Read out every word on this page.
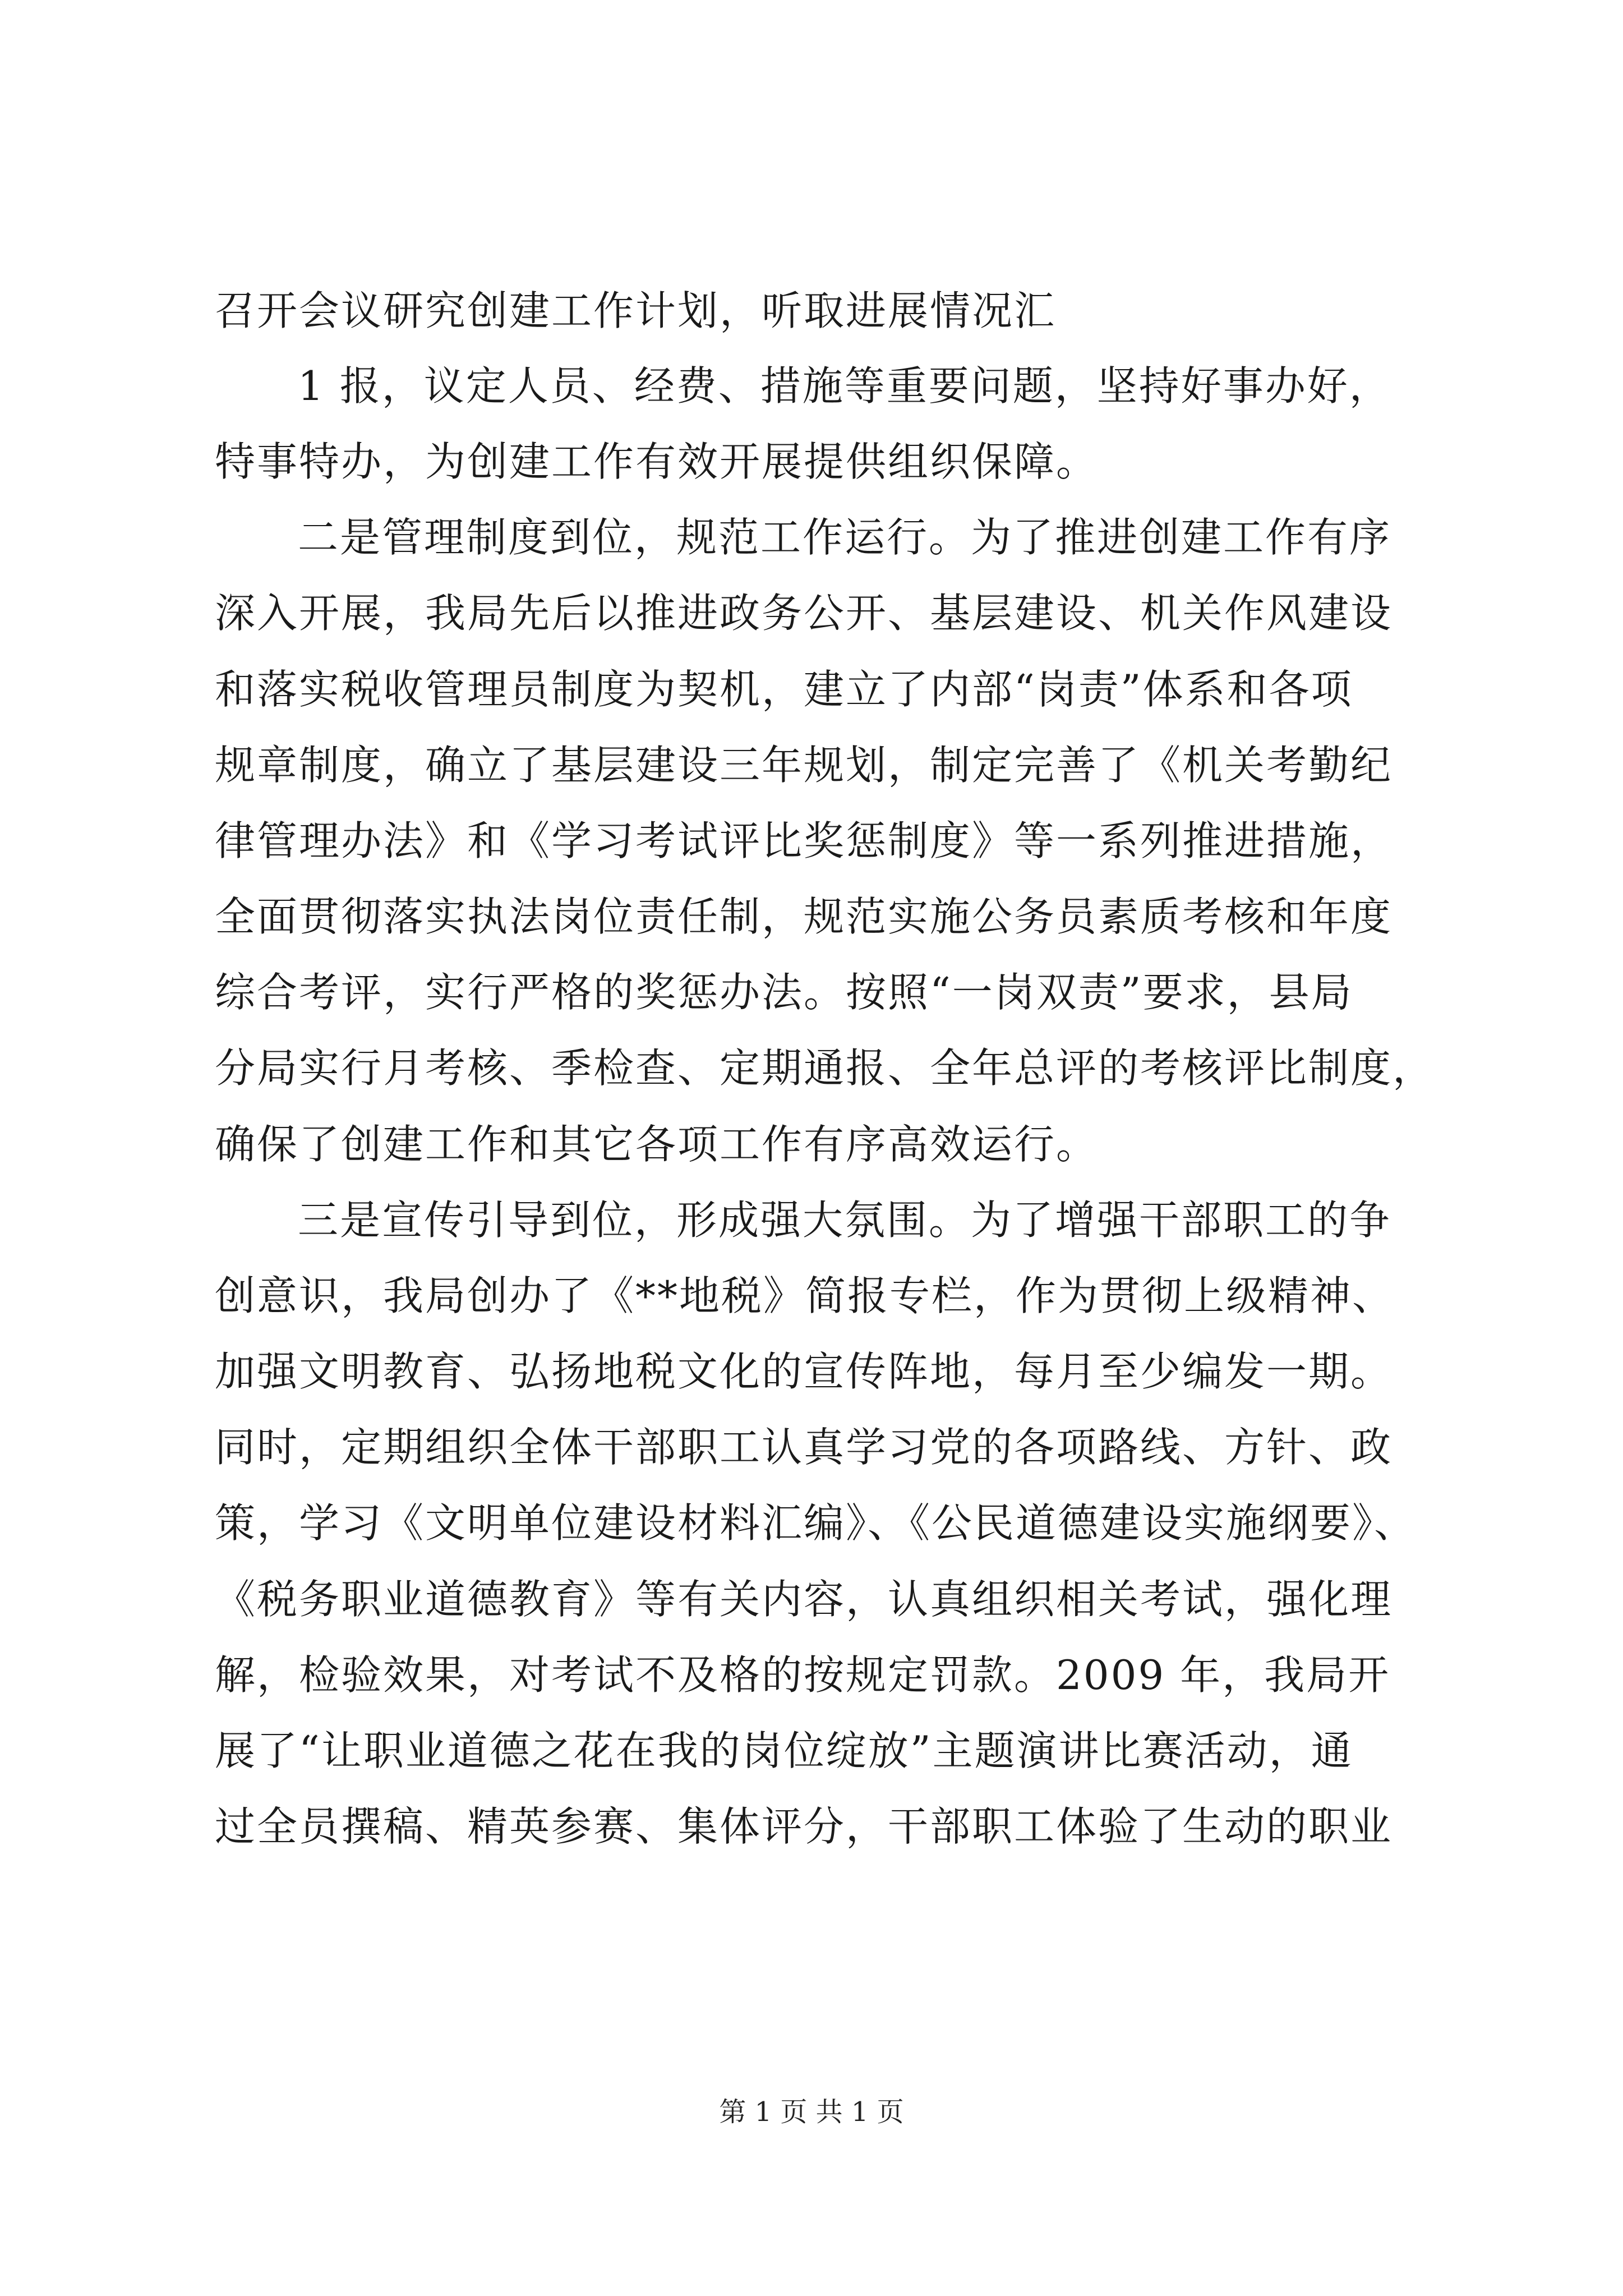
召开会议研究创建工作计划，听取进展情况汇
1 报，议定人员、经费、措施等重要问题，坚持好事办好，
特事特办，为创建工作有效开展提供组织保障。
二是管理制度到位，规范工作运行。为了推进创建工作有序
深入开展，我局先后以推进政务公开、基层建设、机关作风建设
和落实税收管理员制度为契机，建立了内部“岗责”体系和各项
规章制度，确立了基层建设三年规划，制定完善了《机关考勤纪
律管理办法》和《学习考试评比奖惩制度》等一系列推进措施，
全面贯彻落实执法岗位责任制，规范实施公务员素质考核和年度
综合考评，实行严格的奖惩办法。按照“一岗双责”要求，县局
分局实行月考核、季检查、定期通报、全年总评的考核评比制度，
确保了创建工作和其它各项工作有序高效运行。
三是宣传引导到位，形成强大氛围。为了增强干部职工的争
创意识，我局创办了《**地税》简报专栏，作为贯彻上级精神、
加强文明教育、弘扬地税文化的宣传阵地，每月至少编发一期。
同时，定期组织全体干部职工认真学习党的各项路线、方针、政
策，学习《文明单位建设材料汇编》、《公民道德建设实施纲要》、
《税务职业道德教育》等有关内容，认真组织相关考试，强化理
解，检验效果，对考试不及格的按规定罚款。2009 年，我局开
展了“让职业道德之花在我的岗位绽放”主题演讲比赛活动，通
过全员撰稿、精英参赛、集体评分，干部职工体验了生动的职业
第 1 页 共 1 页
